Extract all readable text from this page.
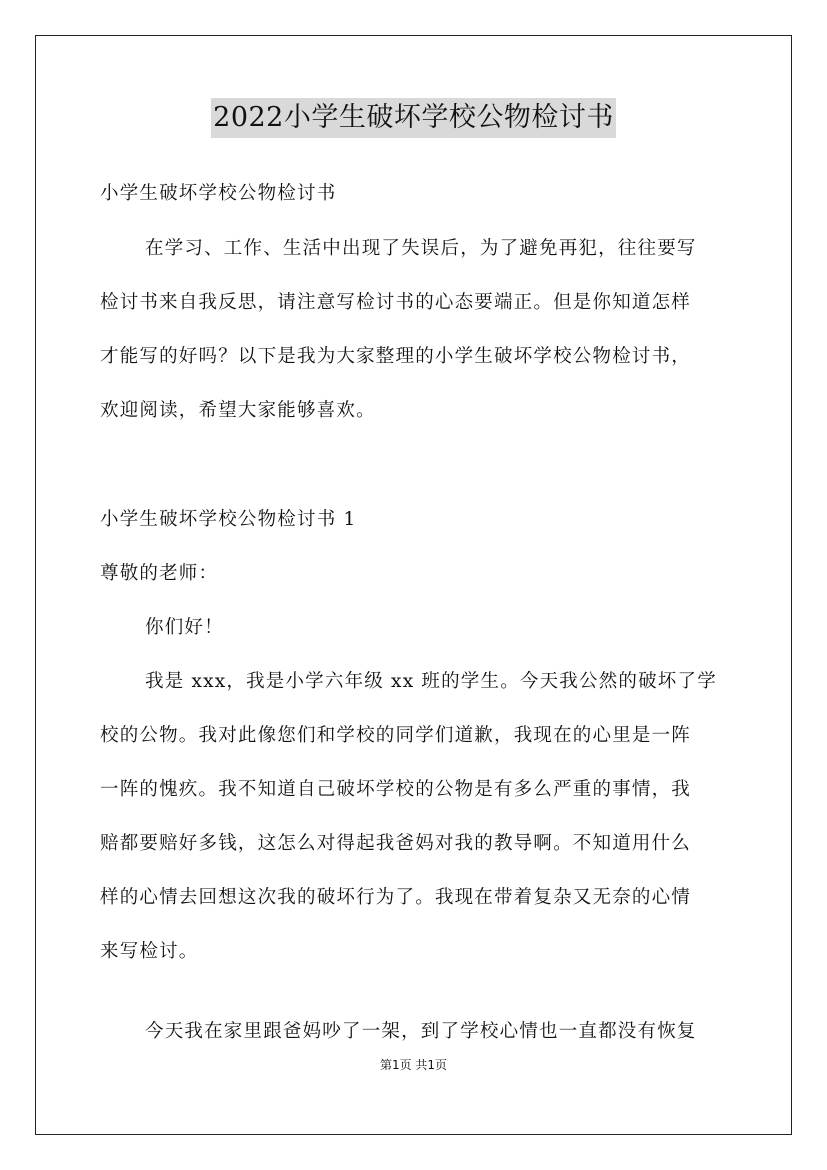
2022小学生破坏学校公物检讨书
小学生破坏学校公物检讨书
在学习、工作、生活中出现了失误后，为了避免再犯，往往要写
检讨书来自我反思，请注意写检讨书的心态要端正。但是你知道怎样
才能写的好吗？以下是我为大家整理的小学生破坏学校公物检讨书，
欢迎阅读，希望大家能够喜欢。
小学生破坏学校公物检讨书 1
尊敬的老师：
你们好！
我是 xxx，我是小学六年级 xx 班的学生。今天我公然的破坏了学
校的公物。我对此像您们和学校的同学们道歉，我现在的心里是一阵
一阵的愧疚。我不知道自己破坏学校的公物是有多么严重的事情，我
赔都要赔好多钱，这怎么对得起我爸妈对我的教导啊。不知道用什么
样的心情去回想这次我的破坏行为了。我现在带着复杂又无奈的心情
来写检讨。
今天我在家里跟爸妈吵了一架，到了学校心情也一直都没有恢复
第1页 共1页
